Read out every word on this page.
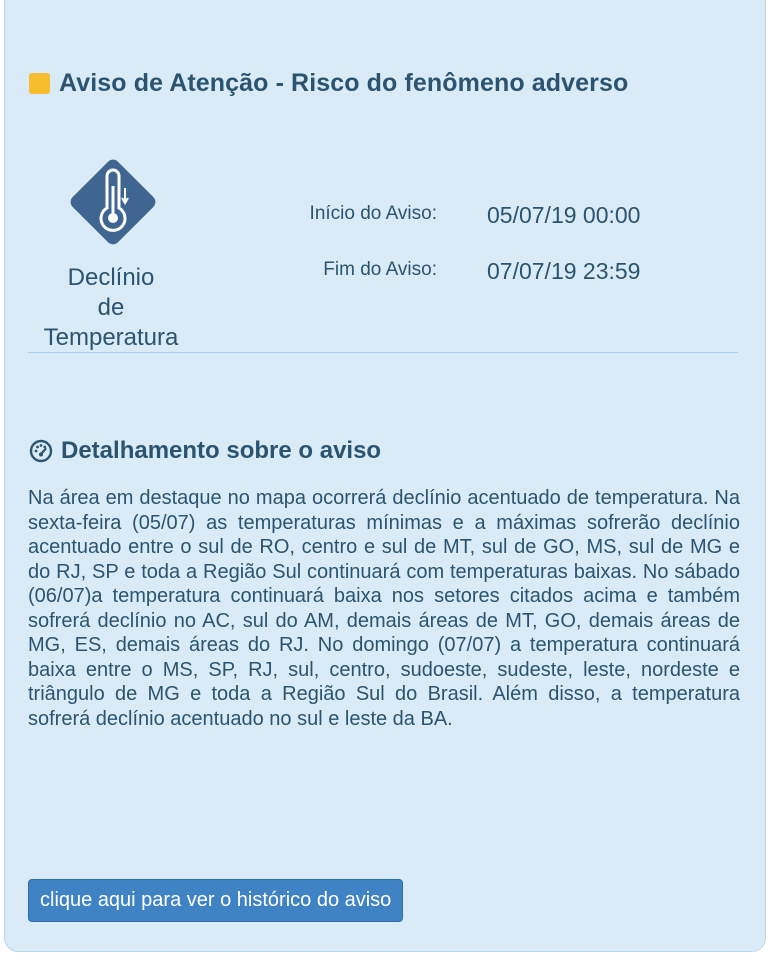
Aviso de Atenção - Risco do fenômeno adverso
Declínio
de
Temperatura
Início do Aviso: 05/07/19 00:00
Fim do Aviso: 07/07/19 23:59
Detalhamento sobre o aviso

Na área em destaque no mapa ocorrerá declínio acentuado de temperatura. Na sexta-feira (05/07) as temperaturas mínimas e a máximas sofrerão declínio acentuado entre o sul de RO, centro e sul de MT, sul de GO, MS, sul de MG e do RJ, SP e toda a Região Sul continuará com temperaturas baixas. No sábado (06/07)a temperatura continuará baixa nos setores citados acima e também sofrerá declínio no AC, sul do AM, demais áreas de MT, GO, demais áreas de MG, ES, demais áreas do RJ. No domingo (07/07) a temperatura continuará baixa entre o MS, SP, RJ, sul, centro, sudoeste, sudeste, leste, nordeste e triângulo de MG e toda a Região Sul do Brasil. Além disso, a temperatura sofrerá declínio acentuado no sul e leste da BA.

clique aqui para ver o histórico do aviso
